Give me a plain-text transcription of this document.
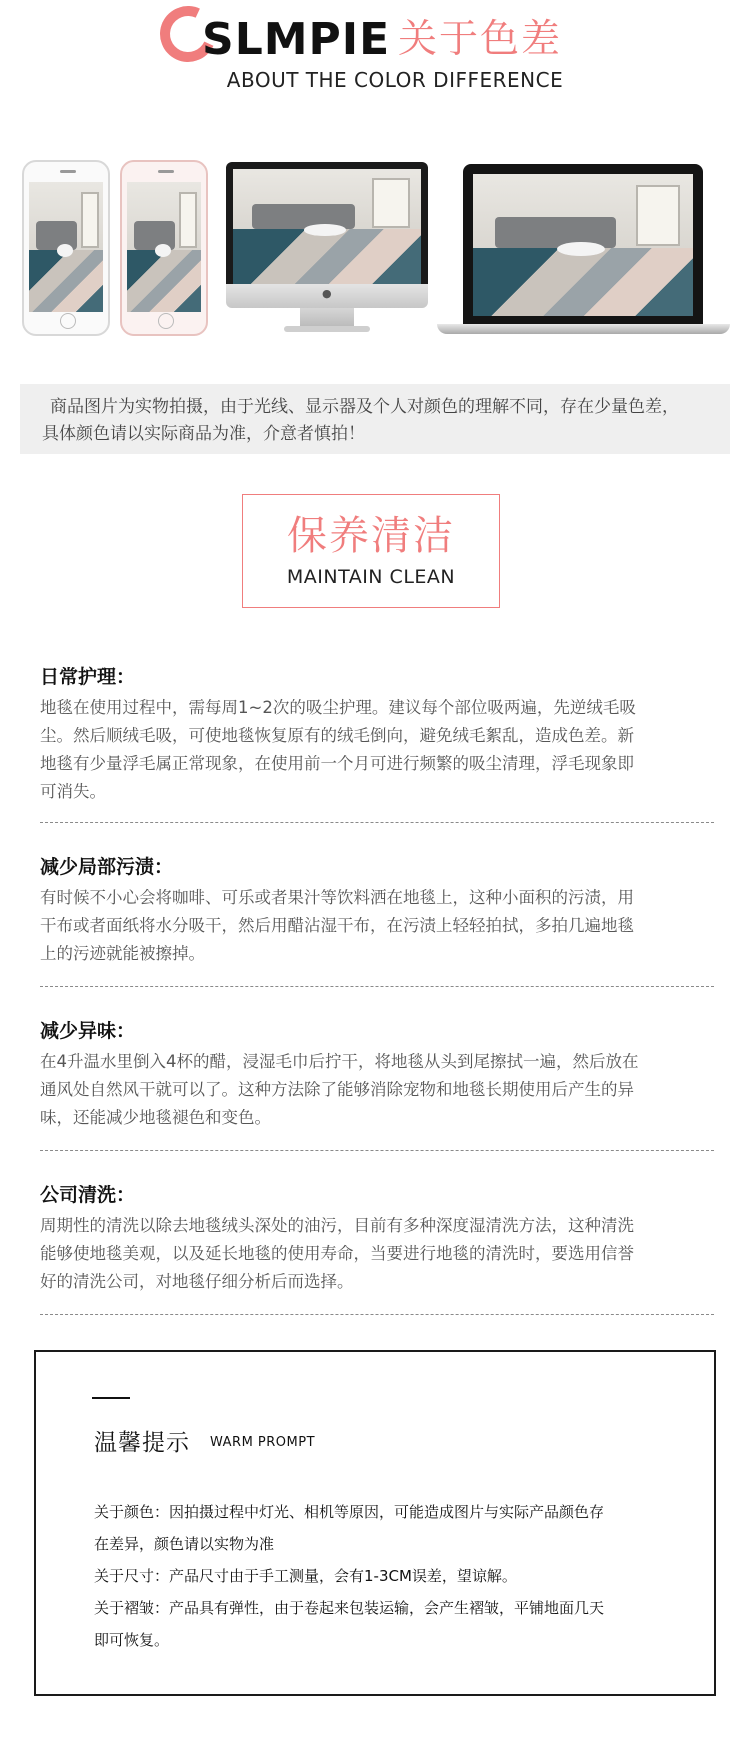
SLMPIE 关于色差
ABOUT THE COLOR DIFFERENCE
●
商品图片为实物拍摄，由于光线、显示器及个人对颜色的理解不同，存在少量色差，
具体颜色请以实际商品为准，介意者慎拍！
保养清洁
MAINTAIN CLEAN
日常护理：
地毯在使用过程中，需每周1~2次的吸尘护理。建议每个部位吸两遍，先逆绒毛吸
尘。然后顺绒毛吸，可使地毯恢复原有的绒毛倒向，避免绒毛絮乱，造成色差。新
地毯有少量浮毛属正常现象，在使用前一个月可进行频繁的吸尘清理，浮毛现象即
可消失。
减少局部污渍：
有时候不小心会将咖啡、可乐或者果汁等饮料洒在地毯上，这种小面积的污渍，用
干布或者面纸将水分吸干，然后用醋沾湿干布，在污渍上轻轻拍拭，多拍几遍地毯
上的污迹就能被擦掉。
减少异味：
在4升温水里倒入4杯的醋，浸湿毛巾后拧干，将地毯从头到尾擦拭一遍，然后放在
通风处自然风干就可以了。这种方法除了能够消除宠物和地毯长期使用后产生的异
味，还能减少地毯褪色和变色。
公司清洗：
周期性的清洗以除去地毯绒头深处的油污，目前有多种深度湿清洗方法，这种清洗
能够使地毯美观，以及延长地毯的使用寿命，当要进行地毯的清洗时，要选用信誉
好的清洗公司，对地毯仔细分析后而选择。
温馨提示 WARM PROMPT
关于颜色：因拍摄过程中灯光、相机等原因，可能造成图片与实际产品颜色存
在差异，颜色请以实物为准
关于尺寸：产品尺寸由于手工测量，会有1-3CM误差，望谅解。
关于褶皱：产品具有弹性，由于卷起来包装运输，会产生褶皱，平铺地面几天
即可恢复。
